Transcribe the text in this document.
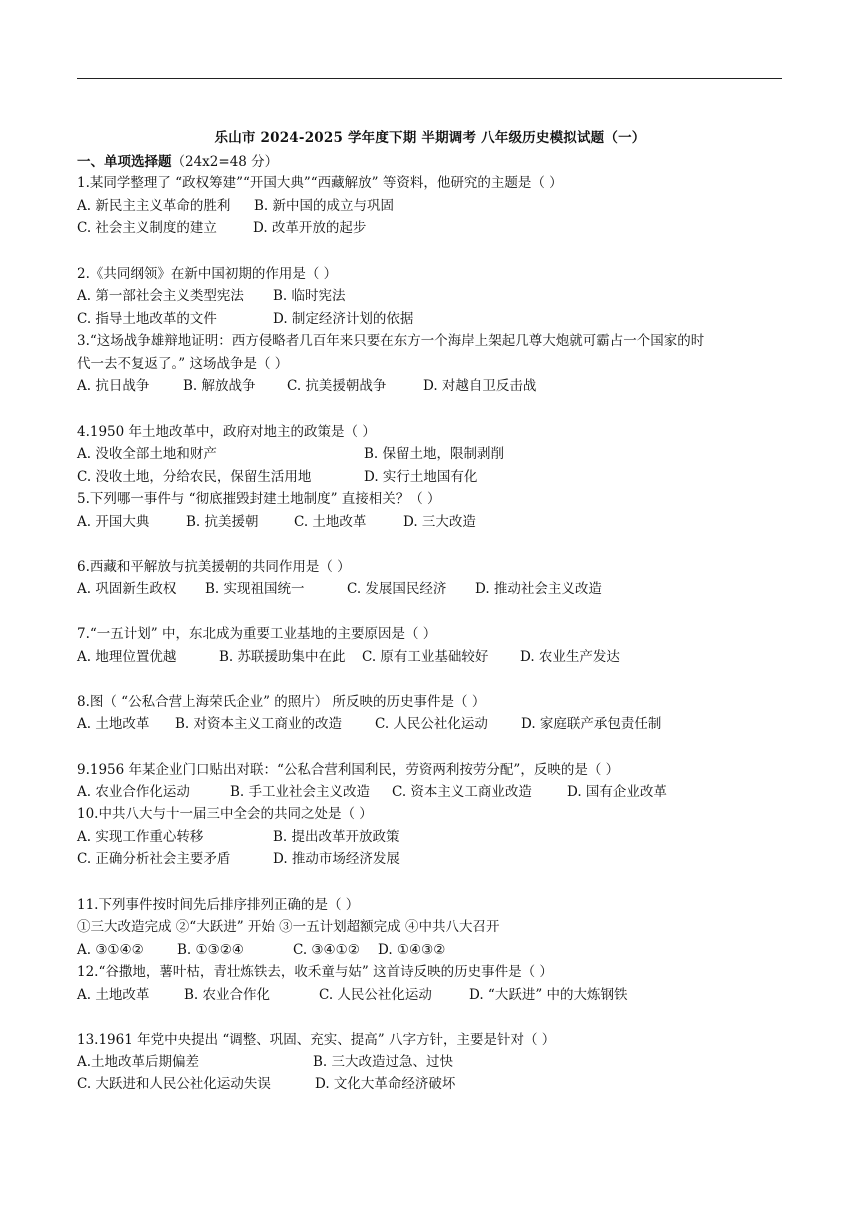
乐山市 2024-2025 学年度下期 半期调考 八年级历史模拟试题（一）
一、单项选择题（24x2=48 分）
1.某同学整理了 “政权筹建”“开国大典”“西藏解放” 等资料，他研究的主题是（ ）
A. 新民主主义革命的胜利 B. 新中国的成立与巩固
C. 社会主义制度的建立	D. 改革开放的起步
2.《共同纲领》在新中国初期的作用是（ ）
A. 第一部社会主义类型宪法 B. 临时宪法
C. 指导土地改革的文件	D. 制定经济计划的依据
3.“这场战争雄辩地证明：西方侵略者几百年来只要在东方一个海岸上架起几尊大炮就可霸占一个国家的时
代一去不复返了。” 这场战争是（ ）
A. 抗日战争 B. 解放战争 C. 抗美援朝战争	D. 对越自卫反击战
4.1950 年土地改革中，政府对地主的政策是（ ）
A. 没收全部土地和财产	B. 保留土地，限制剥削
C. 没收土地，分给农民，保留生活用地	D. 实行土地国有化
5.下列哪一事件与 “彻底摧毁封建土地制度” 直接相关？（ ）
A. 开国大典	B. 抗美援朝	C. 土地改革	D. 三大改造
6.西藏和平解放与抗美援朝的共同作用是（ ）
A. 巩固新生政权 B. 实现祖国统一	C. 发展国民经济 D. 推动社会主义改造
7.“一五计划” 中，东北成为重要工业基地的主要原因是（ ）
A. 地理位置优越	B. 苏联援助集中在此 C. 原有工业基础较好 D. 农业生产发达
8.图（ “公私合营上海荣氏企业” 的照片） 所反映的历史事件是（ ）
A. 土地改革 B. 对资本主义工商业的改造 C. 人民公社化运动 D. 家庭联产承包责任制
9.1956 年某企业门口贴出对联：“公私合营利国利民，劳资两利按劳分配”，反映的是（ ）
A. 农业合作化运动	B. 手工业社会主义改造 C. 资本主义工商业改造	D. 国有企业改革
10.中共八大与十一届三中全会的共同之处是（ ）
A. 实现工作重心转移	B. 提出改革开放政策
C. 正确分析社会主要矛盾	D. 推动市场经济发展
11.下列事件按时间先后排序排列正确的是（ ）
①三大改造完成 ②“大跃进” 开始 ③一五计划超额完成 ④中共八大召开
A. ③①④② B. ①③②④	C. ③④①② D. ①④③②
12.“谷撒地，薯叶枯，青壮炼铁去，收禾童与姑” 这首诗反映的历史事件是（ ）
A. 土地改革	B. 农业合作化	C. 人民公社化运动	D. “大跃进” 中的大炼钢铁
13.1961 年党中央提出 “调整、巩固、充实、提高” 八字方针，主要是针对（ ）
A.土地改革后期偏差	B. 三大改造过急、过快
C. 大跃进和人民公社化运动失误	D. 文化大革命经济破坏
